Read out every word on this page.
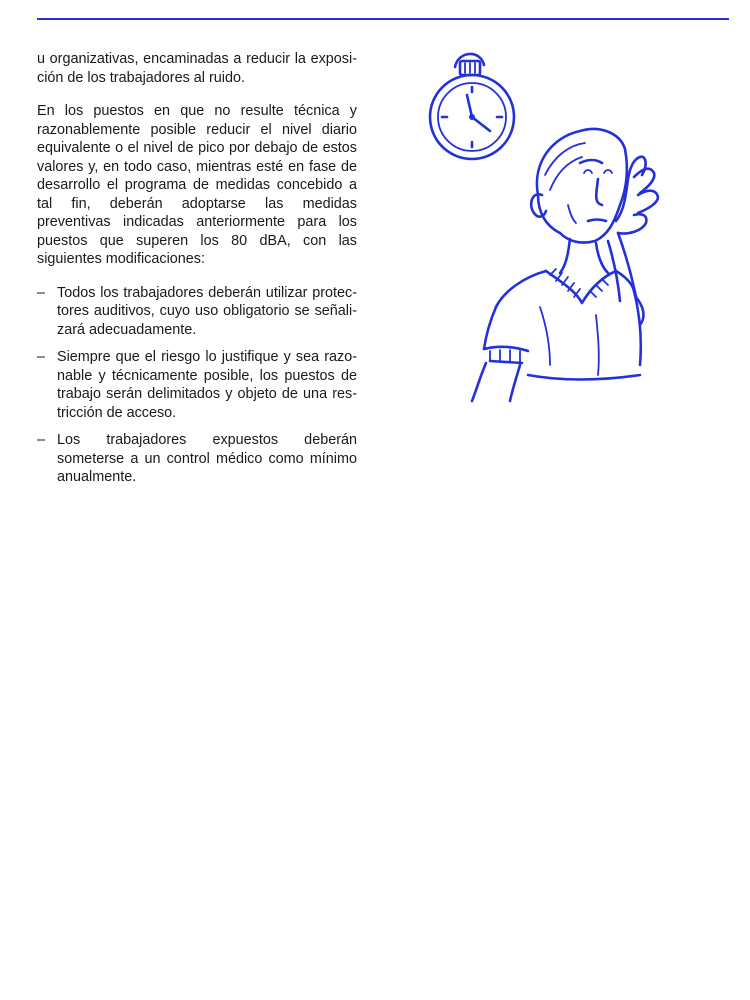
u organizativas, encaminadas a reducir la exposición de los trabajadores al ruido.

En los puestos en que no resulte técnica y razonablemente posible reducir el nivel diario equivalente o el nivel de pico por debajo de estos valores y, en todo caso, mientras esté en fase de desarrollo el programa de medidas concebido a tal fin, deberán adoptarse las medidas preventivas indicadas anteriormente para los puestos que superen los 80 dBA, con las siguientes modificaciones:

– Todos los trabajadores deberán utilizar protectores auditivos, cuyo uso obligatorio se señalizará adecuadamente.
– Siempre que el riesgo lo justifique y sea razonable y técnicamente posible, los puestos de trabajo serán delimitados y objeto de una restricción de acceso.
– Los trabajadores expuestos deberán someterse a un control médico como mínimo anualmente.
